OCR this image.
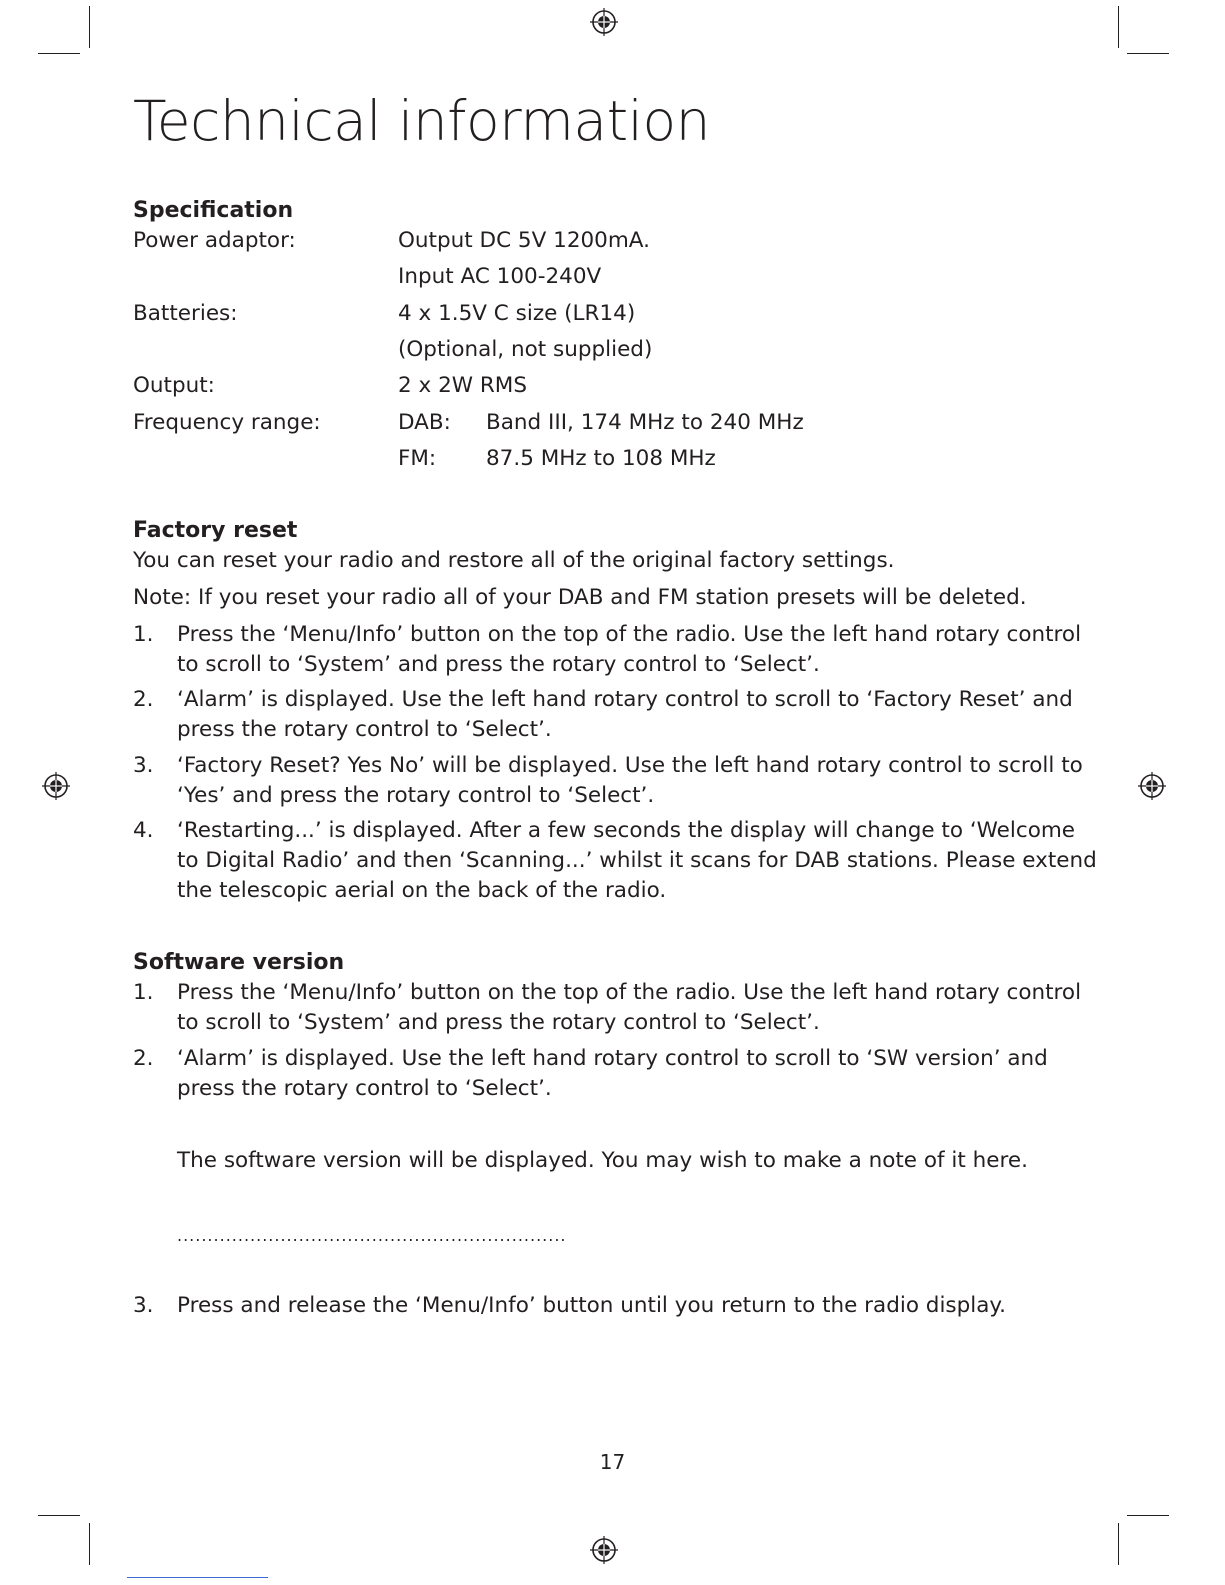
Technical information
Specification
Power adaptor:	Output DC 5V 1200mA.
Input AC 100-240V
Batteries:	4 x 1.5V C size (LR14)
(Optional, not supplied)
Output:	2 x 2W RMS
Frequency range:	DAB: Band III, 174 MHz to 240 MHz
FM: 87.5 MHz to 108 MHz
Factory reset
You can reset your radio and restore all of the original factory settings.
Note: If you reset your radio all of your DAB and FM station presets will be deleted.
1. Press the ‘Menu/Info’ button on the top of the radio. Use the left hand rotary control to scroll to ‘System’ and press the rotary control to ‘Select’.
2. ‘Alarm’ is displayed. Use the left hand rotary control to scroll to ‘Factory Reset’ and press the rotary control to ‘Select’.
3. ‘Factory Reset? Yes No’ will be displayed. Use the left hand rotary control to scroll to ‘Yes’ and press the rotary control to ‘Select’.
4. ‘Restarting...’ is displayed. After a few seconds the display will change to ‘Welcome to Digital Radio’ and then ‘Scanning...’ whilst it scans for DAB stations. Please extend the telescopic aerial on the back of the radio.
Software version
1. Press the ‘Menu/Info’ button on the top of the radio. Use the left hand rotary control to scroll to ‘System’ and press the rotary control to ‘Select’.
2. ‘Alarm’ is displayed. Use the left hand rotary control to scroll to ‘SW version’ and press the rotary control to ‘Select’.
The software version will be displayed. You may wish to make a note of it here.
................................................................
3. Press and release the ‘Menu/Info’ button until you return to the radio display.
17
